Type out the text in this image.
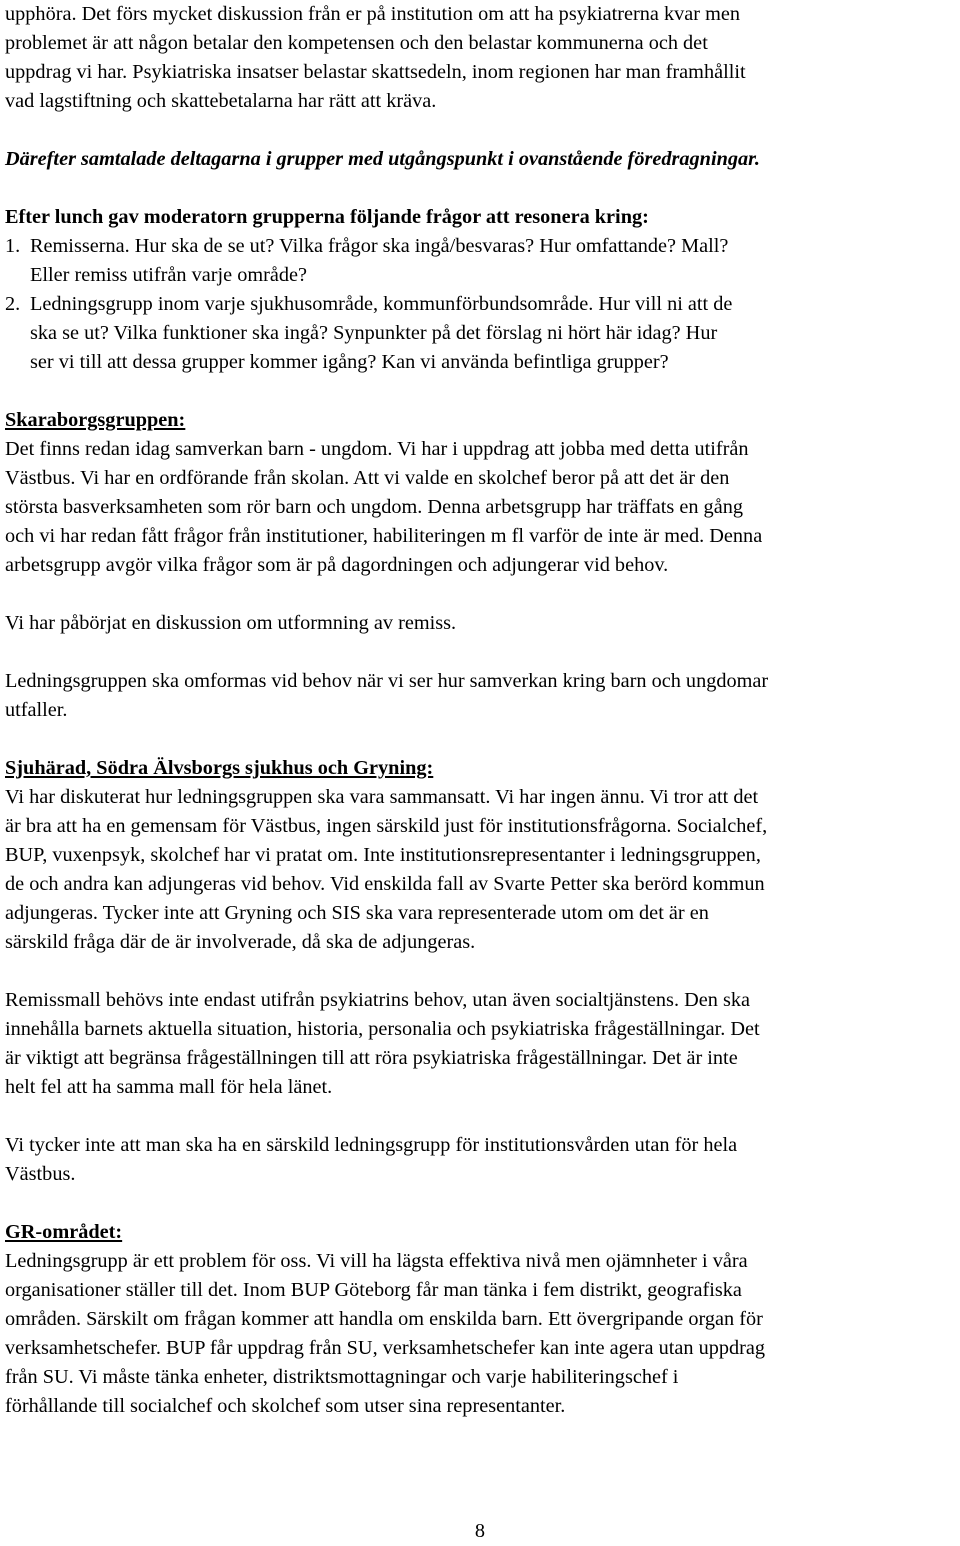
upphöra. Det förs mycket diskussion från er på institution om att ha psykiatrerna kvar men
problemet är att någon betalar den kompetensen och den belastar kommunerna och det
uppdrag vi har. Psykiatriska insatser belastar skattsedeln, inom regionen har man framhållit
vad lagstiftning och skattebetalarna har rätt att kräva.

Därefter samtalade deltagarna i grupper med utgångspunkt i ovanstående föredragningar.

Efter lunch gav moderatorn grupperna följande frågor att resonera kring:

1. Remisserna. Hur ska de se ut? Vilka frågor ska ingå/besvaras? Hur omfattande? Mall?
Eller remiss utifrån varje område?
2. Ledningsgrupp inom varje sjukhusområde, kommunförbundsområde. Hur vill ni att de
ska se ut? Vilka funktioner ska ingå? Synpunkter på det förslag ni hört här idag? Hur
ser vi till att dessa grupper kommer igång? Kan vi använda befintliga grupper?

Skaraborgsgruppen:

Det finns redan idag samverkan barn - ungdom. Vi har i uppdrag att jobba med detta utifrån
Västbus. Vi har en ordförande från skolan. Att vi valde en skolchef beror på att det är den
största basverksamheten som rör barn och ungdom. Denna arbetsgrupp har träffats en gång
och vi har redan fått frågor från institutioner, habiliteringen m fl varför de inte är med. Denna
arbetsgrupp avgör vilka frågor som är på dagordningen och adjungerar vid behov.
Vi har påbörjat en diskussion om utformning av remiss.
Ledningsgruppen ska omformas vid behov när vi ser hur samverkan kring barn och ungdomar
utfaller.

Sjuhärad, Södra Älvsborgs sjukhus och Gryning:

Vi har diskuterat hur ledningsgruppen ska vara sammansatt. Vi har ingen ännu. Vi tror att det
är bra att ha en gemensam för Västbus, ingen särskild just för institutionsfrågorna. Socialchef,
BUP, vuxenpsyk, skolchef har vi pratat om. Inte institutionsrepresentanter i ledningsgruppen,
de och andra kan adjungeras vid behov. Vid enskilda fall av Svarte Petter ska berörd kommun
adjungeras. Tycker inte att Gryning och SIS ska vara representerade utom om det är en
särskild fråga där de är involverade, då ska de adjungeras.
Remissmall behövs inte endast utifrån psykiatrins behov, utan även socialtjänstens. Den ska
innehålla barnets aktuella situation, historia, personalia och psykiatriska frågeställningar. Det
är viktigt att begränsa frågeställningen till att röra psykiatriska frågeställningar. Det är inte
helt fel att ha samma mall för hela länet.
Vi tycker inte att man ska ha en särskild ledningsgrupp för institutionsvården utan för hela
Västbus.

GR-området:

Ledningsgrupp är ett problem för oss. Vi vill ha lägsta effektiva nivå men ojämnheter i våra
organisationer ställer till det. Inom BUP Göteborg får man tänka i fem distrikt, geografiska
områden. Särskilt om frågan kommer att handla om enskilda barn. Ett övergripande organ för
verksamhetschefer. BUP får uppdrag från SU, verksamhetschefer kan inte agera utan uppdrag
från SU. Vi måste tänka enheter, distriktsmottagningar och varje habiliteringschef i
förhållande till socialchef och skolchef som utser sina representanter.
8
